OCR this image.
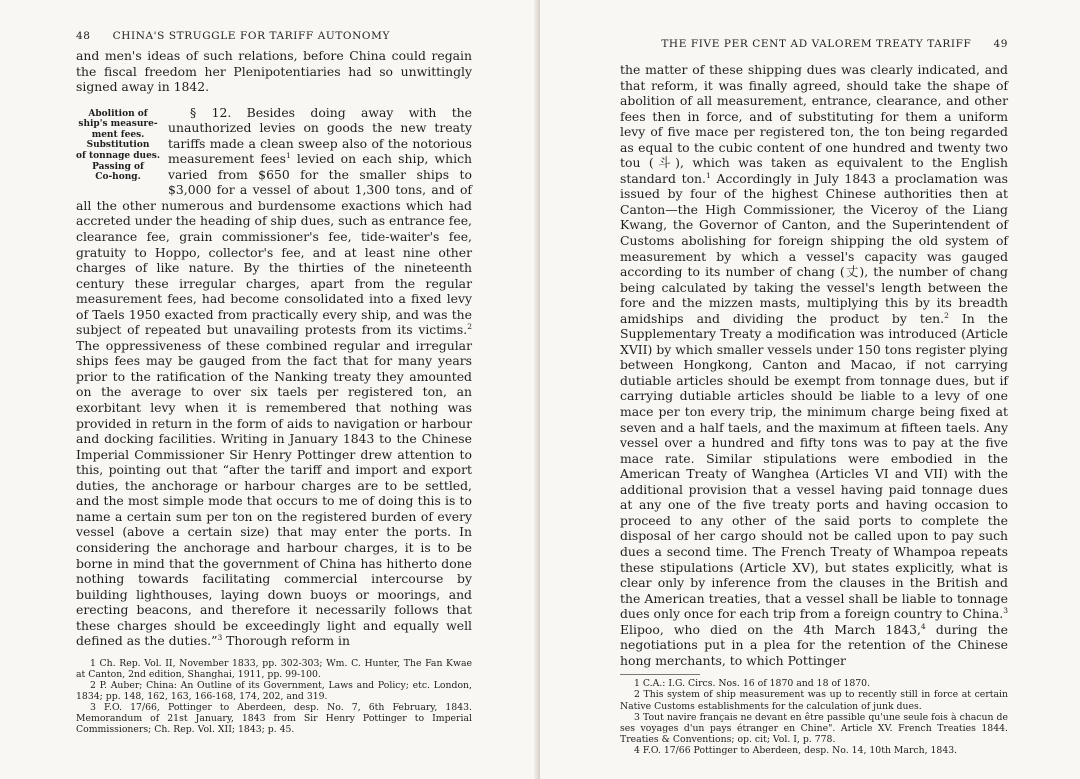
48 CHINA'S STRUGGLE FOR TARIFF AUTONOMY

and men's ideas of such relations, before China could regain the fiscal freedom her Plenipotentiaries had so unwittingly signed away in 1842.

Abolition of
ship's measure-
ment fees.
Substitution
of tonnage dues.
Passing of
Co-hong.

§ 12. Besides doing away with the unauthorized levies on goods the new treaty tariffs made a clean sweep also of the notorious measurement fees$^1$ levied on each ship, which varied from $650 for the smaller ships to $3,000 for a vessel of about 1,300 tons, and of all the other numerous and burdensome exactions which had accreted under the heading of ship dues, such as entrance fee, clearance fee, grain commissioner's fee, tide-waiter's fee, gratuity to Hoppo, collector's fee, and at least nine other charges of like nature. By the thirties of the nineteenth century these irregular charges, apart from the regular measurement fees, had become consolidated into a fixed levy of Taels 1950 exacted from practically every ship, and was the subject of repeated but unavailing protests from its victims.$^2$ The oppressiveness of these combined regular and irregular ships fees may be gauged from the fact that for many years prior to the ratification of the Nanking treaty they amounted on the average to over six taels per registered ton, an exorbitant levy when it is remembered that nothing was provided in return in the form of aids to navigation or harbour and docking facilities. Writing in January 1843 to the Chinese Imperial Commissioner Sir Henry Pottinger drew attention to this, pointing out that “after the tariff and import and export duties, the anchorage or harbour charges are to be settled, and the most simple mode that occurs to me of doing this is to name a certain sum per ton on the registered burden of every vessel (above a certain size) that may enter the ports. In considering the anchorage and harbour charges, it is to be borne in mind that the government of China has hitherto done nothing towards facilitating commercial intercourse by building lighthouses, laying down buoys or moorings, and erecting beacons, and therefore it necessarily follows that these charges should be exceedingly light and equally well defined as the duties.”$^3$ Thorough reform in

1 Ch. Rep. Vol. II, November 1833, pp. 302-303; Wm. C. Hunter, The Fan Kwae at Canton, 2nd edition, Shanghai, 1911, pp. 99-100.

2 P. Auber; China: An Outline of its Government, Laws and Policy; etc. London, 1834; pp. 148, 162, 163, 166-168, 174, 202, and 319.

3 F.O. 17/66, Pottinger to Aberdeen, desp. No. 7, 6th February, 1843. Memorandum of 21st January, 1843 from Sir Henry Pottinger to Imperial Commissioners; Ch. Rep. Vol. XII; 1843; p. 45.

THE FIVE PER CENT AD VALOREM TREATY TARIFF 49

the matter of these shipping dues was clearly indicated, and that reform, it was finally agreed, should take the shape of abolition of all measurement, entrance, clearance, and other fees then in force, and of substituting for them a uniform levy of five mace per registered ton, the ton being regarded as equal to the cubic content of one hundred and twenty two tou (斗), which was taken as equivalent to the English standard ton.$^1$ Accordingly in July 1843 a proclamation was issued by four of the highest Chinese authorities then at Canton—the High Commissioner, the Viceroy of the Liang Kwang, the Governor of Canton, and the Superintendent of Customs abolishing for foreign shipping the old system of measurement by which a vessel's capacity was gauged according to its number of chang (丈), the number of chang being calculated by taking the vessel's length between the fore and the mizzen masts, multiplying this by its breadth amidships and dividing the product by ten.$^2$ In the Supplementary Treaty a modification was introduced (Article XVII) by which smaller vessels under 150 tons register plying between Hongkong, Canton and Macao, if not carrying dutiable articles should be exempt from tonnage dues, but if carrying dutiable articles should be liable to a levy of one mace per ton every trip, the minimum charge being fixed at seven and a half taels, and the maximum at fifteen taels. Any vessel over a hundred and fifty tons was to pay at the five mace rate. Similar stipulations were embodied in the American Treaty of Wanghea (Articles VI and VII) with the additional provision that a vessel having paid tonnage dues at any one of the five treaty ports and having occasion to proceed to any other of the said ports to complete the disposal of her cargo should not be called upon to pay such dues a second time. The French Treaty of Whampoa repeats these stipulations (Article XV), but states explicitly, what is clear only by inference from the clauses in the British and the American treaties, that a vessel shall be liable to tonnage dues only once for each trip from a foreign country to China.$^3$ Elipoo, who died on the 4th March 1843,$^4$ during the negotiations put in a plea for the retention of the Chinese hong merchants, to which Pottinger

1 C.A.: I.G. Circs. Nos. 16 of 1870 and 18 of 1870.

2 This system of ship measurement was up to recently still in force at certain Native Customs establishments for the calculation of junk dues.

3 Tout navire français ne devant en être passible qu'une seule fois à chacun de ses voyages d'un pays étranger en Chine". Article XV. French Treaties 1844. Treaties & Conventions; op. cit; Vol. I, p. 778.

4 F.O. 17/66 Pottinger to Aberdeen, desp. No. 14, 10th March, 1843.
